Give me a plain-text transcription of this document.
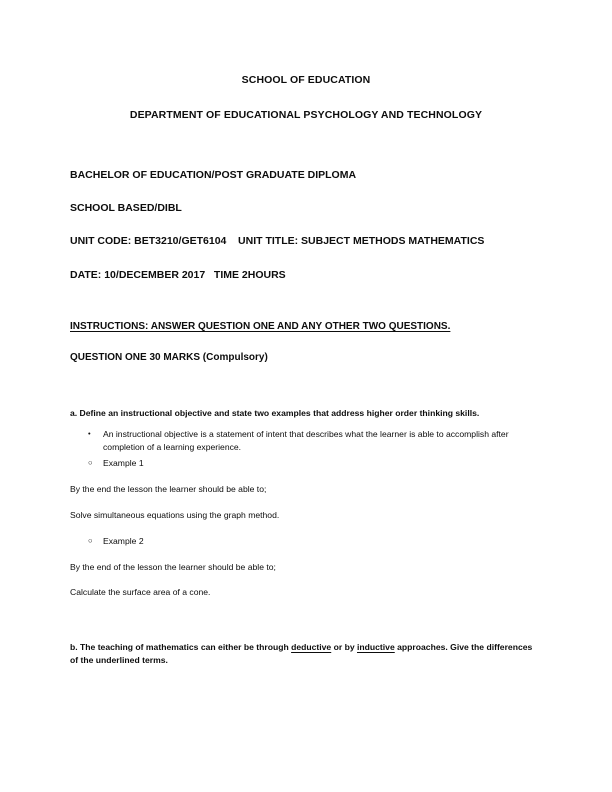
SCHOOL OF EDUCATION
DEPARTMENT OF EDUCATIONAL PSYCHOLOGY AND TECHNOLOGY
BACHELOR OF EDUCATION/POST GRADUATE DIPLOMA
SCHOOL BASED/DIBL
UNIT CODE: BET3210/GET6104    UNIT TITLE: SUBJECT METHODS MATHEMATICS
DATE: 10/DECEMBER 2017   TIME 2HOURS
INSTRUCTIONS: ANSWER QUESTION ONE AND ANY OTHER TWO QUESTIONS.
QUESTION ONE 30 MARKS (Compulsory)
a. Define an instructional objective and state two examples that address higher order thinking skills.
• An instructional objective is a statement of intent that describes what the learner is able to accomplish after completion of a learning experience.
○ Example 1
By the end the lesson the learner should be able to;
Solve simultaneous equations using the graph method.
○ Example 2
By the end of the lesson the learner should be able to;
Calculate the surface area of a cone.
b. The teaching of mathematics can either be through deductive or by inductive approaches. Give the differences of the underlined terms.
